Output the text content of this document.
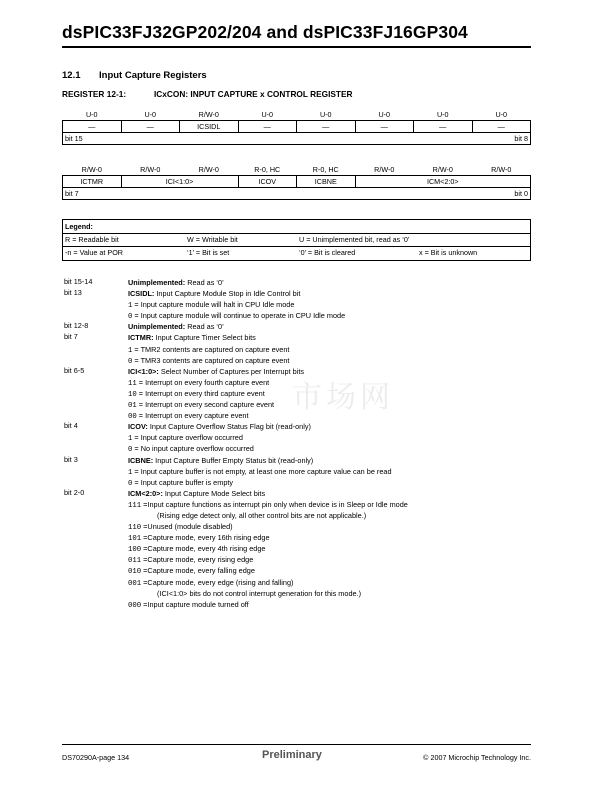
dsPIC33FJ32GP202/204 and dsPIC33FJ16GP304
12.1 Input Capture Registers
REGISTER 12-1:	ICxCON: INPUT CAPTURE x CONTROL REGISTER
U-0	U-0	R/W-0	U-0	U-0	U-0	U-0	U-0
—	—	ICSIDL	—	—	—	—	—
bit 15				bit 8			
R/W-0	R/W-0	R/W-0	R-0, HC	R-0, HC	R/W-0	R/W-0	R/W-0
ICTMR	ICI<1:0>		ICOV	ICBNE	ICM<2:0>		
bit 7				bit 0			
Legend:
R = Readable bit	W = Writable bit	U = Unimplemented bit, read as ‘0’
-n = Value at POR	‘1’ = Bit is set	‘0’ = Bit is cleared	x = Bit is unknown
市场网
bit 15-14	Unimplemented: Read as ‘0’
bit 13	ICSIDL: Input Capture Module Stop in Idle Control bit
1 = Input capture module will halt in CPU Idle mode
0 = Input capture module will continue to operate in CPU Idle mode
bit 12-8	Unimplemented: Read as ‘0’
bit 7	ICTMR: Input Capture Timer Select bits
1 = TMR2 contents are captured on capture event
0 = TMR3 contents are captured on capture event
bit 6-5	ICI<1:0>: Select Number of Captures per Interrupt bits
11 = Interrupt on every fourth capture event
10 = Interrupt on every third capture event
01 = Interrupt on every second capture event
00 = Interrupt on every capture event
bit 4	ICOV: Input Capture Overflow Status Flag bit (read-only)
1 = Input capture overflow occurred
0 = No input capture overflow occurred
bit 3	ICBNE: Input Capture Buffer Empty Status bit (read-only)
1 = Input capture buffer is not empty, at least one more capture value can be read
0 = Input capture buffer is empty
bit 2-0	ICM<2:0>: Input Capture Mode Select bits
111 =Input capture functions as interrupt pin only when device is in Sleep or Idle mode
(Rising edge detect only, all other control bits are not applicable.)
110 =Unused (module disabled)
101 =Capture mode, every 16th rising edge
100 =Capture mode, every 4th rising edge
011 =Capture mode, every rising edge
010 =Capture mode, every falling edge
001 =Capture mode, every edge (rising and falling)
(ICI<1:0> bits do not control interrupt generation for this mode.)
000 =Input capture module turned off
DS70290A-page 134	Preliminary	© 2007 Microchip Technology Inc.
